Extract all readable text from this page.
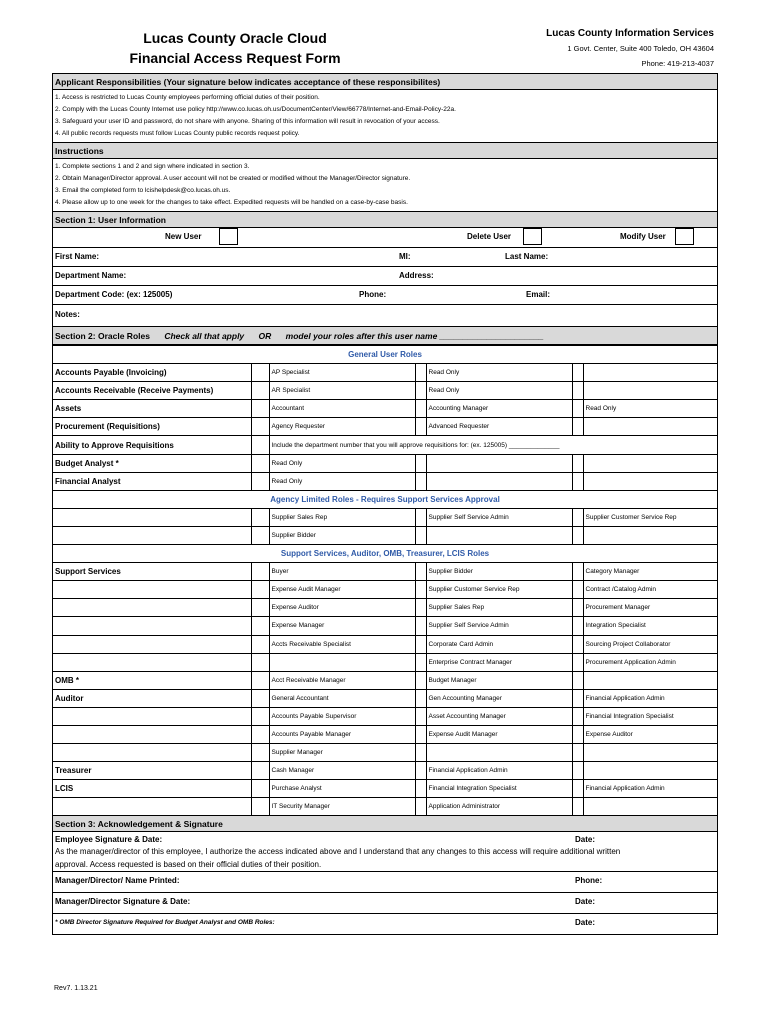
Lucas County Oracle Cloud
Financial Access Request Form
Lucas County Information Services
1 Govt. Center, Suite 400 Toledo, OH 43604
Phone: 419-213-4037
Applicant Responsibilities (Your signature below indicates acceptance of these responsibilites)
1. Access is restricted to Lucas County employees performing official duties of their position.
2. Comply with the Lucas County Internet use policy http://www.co.lucas.oh.us/DocumentCenter/View/66778/Internet-and-Email-Policy-22a.
3. Safeguard your user ID and password, do not share with anyone. Sharing of this information will result in revocation of your access.
4. All public records requests must follow Lucas County public records request policy.
Instructions
1. Complete sections 1 and 2 and sign where indicated in section 3.
2. Obtain Manager/Director approval. A user account will not be created or modified without the Manager/Director signature.
3. Email the completed form to lcishelpdesk@co.lucas.oh.us.
4. Please allow up to one week for the changes to take effect. Expedited requests will be handled on a case-by-case basis.
Section 1: User Information
New User	Delete User	Modify User
First Name:	MI:	Last Name:
Department Name:	Address:
Department Code: (ex: 125005)	Phone:	Email:
Notes:
Section 2: Oracle Roles Check all that apply OR model your roles after this user name ______________________
General User Roles						
Accounts Payable (Invoicing)		AP Specialist		Read Only		
Accounts Receivable (Receive Payments)		AR Specialist		Read Only		
Assets		Accountant		Accounting Manager		Read Only
Procurement (Requisitions)		Agency Requester		Advanced Requester		
Ability to Approve Requisitions		Include the department number that you will approve requisitions for: (ex. 125005) ______________				
Budget Analyst *		Read Only				
Financial Analyst		Read Only				
Agency Limited Roles - Requires Support Services Approval						
		Supplier Sales Rep		Supplier Self Service Admin		Supplier Customer Service Rep
		Supplier Bidder				
Support Services, Auditor, OMB, Treasurer, LCIS Roles						
Support Services		Buyer		Supplier Bidder		Category Manager
		Expense Audit Manager		Supplier Customer Service Rep		Contract /Catalog Admin
		Expense Auditor		Supplier Sales Rep		Procurement Manager
		Expense Manager		Supplier Self Service Admin		Integration Specialist
		Accts Receivable Specialist		Corporate Card Admin		Sourcing Project Collaborator
				Enterprise Contract Manager		Procurement Application Admin
OMB *		Acct Receivable Manager		Budget Manager		
Auditor		General Accountant		Gen Accounting Manager		Financial Application Admin
		Accounts Payable Supervisor		Asset Accounting Manager		Financial Integration Specialist
		Accounts Payable Manager		Expense Audit Manager		Expense Auditor
		Supplier Manager				
Treasurer		Cash Manager		Financial Application Admin		
LCIS		Purchase Analyst		Financial Integration Specialist		Financial Application Admin
		IT Security Manager		Application Administrator		
Section 3: Acknowledgement & Signature
Employee Signature & Date:	Date:
As the manager/director of this employee, I authorize the access indicated above and I understand that any changes to this access will require additional written
approval. Access requested is based on their official duties of their position.
Manager/Director/ Name Printed:	Phone:
Manager/Director Signature & Date:	Date:
* OMB Director Signature Required for Budget Analyst and OMB Roles:	Date:
Rev7. 1.13.21
